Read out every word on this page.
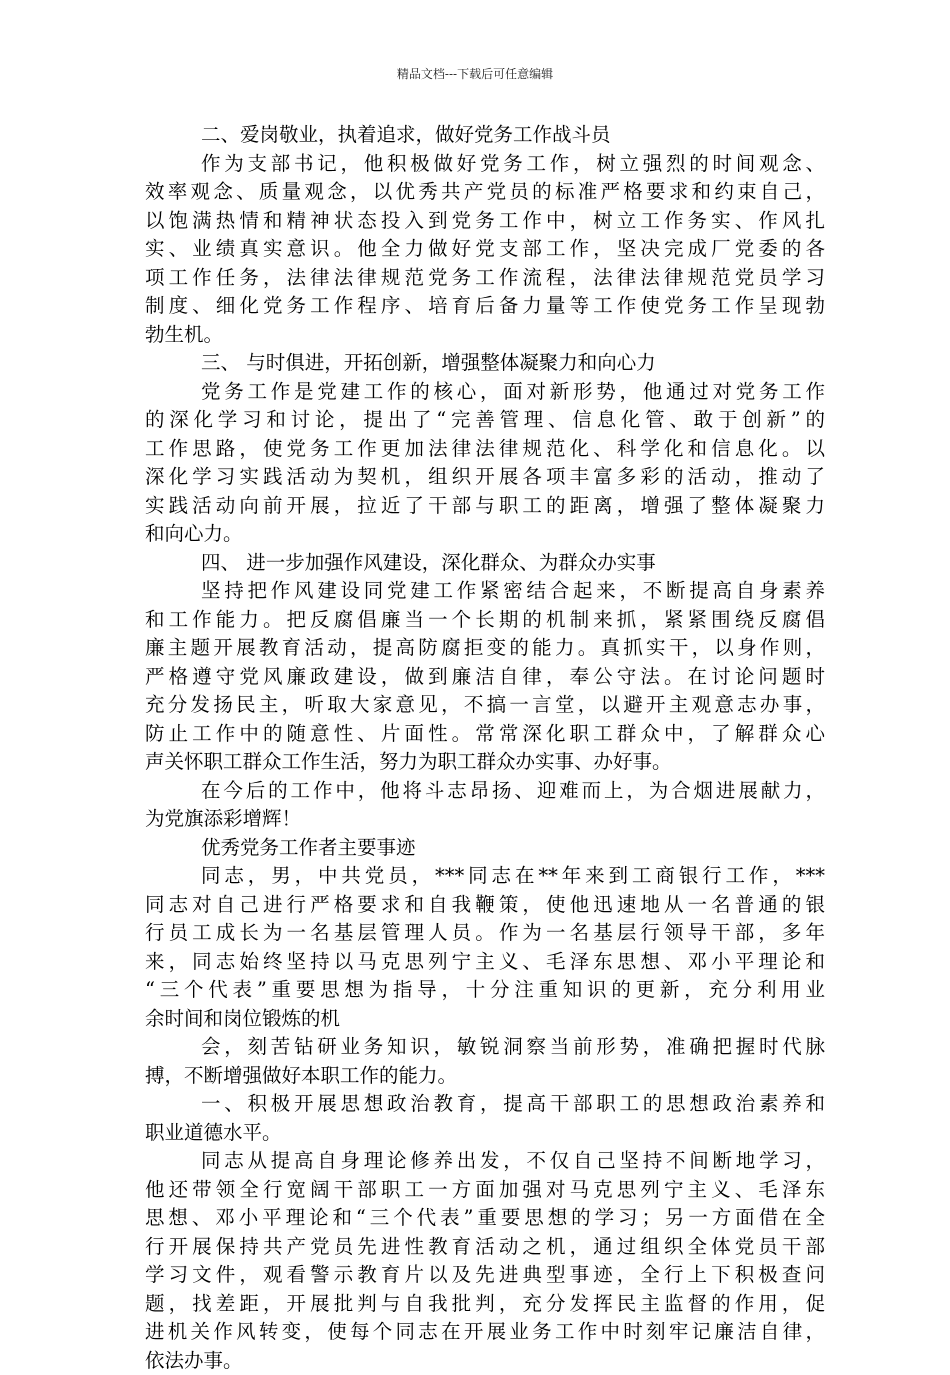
精品文档---下载后可任意编辑
二、爱岗敬业，执着追求，做好党务工作战斗员
作为支部书记，他积极做好党务工作，树立强烈的时间观念、
效率观念、质量观念，以优秀共产党员的标准严格要求和约束自己，
以饱满热情和精神状态投入到党务工作中，树立工作务实、作风扎
实、业绩真实意识。他全力做好党支部工作，坚决完成厂党委的各
项工作任务，法律法律规范党务工作流程，法律法律规范党员学习
制度、细化党务工作程序、培育后备力量等工作使党务工作呈现勃
勃生机。
三、 与时俱进，开拓创新，增强整体凝聚力和向心力
党务工作是党建工作的核心，面对新形势，他通过对党务工作
的深化学习和讨论，提出了“完善管理、信息化管、敢于创新”的
工作思路，使党务工作更加法律法律规范化、科学化和信息化。以
深化学习实践活动为契机，组织开展各项丰富多彩的活动，推动了
实践活动向前开展，拉近了干部与职工的距离，增强了整体凝聚力
和向心力。
四、 进一步加强作风建设，深化群众、为群众办实事
坚持把作风建设同党建工作紧密结合起来，不断提高自身素养
和工作能力。把反腐倡廉当一个长期的机制来抓，紧紧围绕反腐倡
廉主题开展教育活动，提高防腐拒变的能力。真抓实干，以身作则，
严格遵守党风廉政建设，做到廉洁自律，奉公守法。在讨论问题时
充分发扬民主，听取大家意见，不搞一言堂，以避开主观意志办事，
防止工作中的随意性、片面性。常常深化职工群众中，了解群众心
声关怀职工群众工作生活，努力为职工群众办实事、办好事。
在今后的工作中，他将斗志昂扬、迎难而上，为合烟进展献力，
为党旗添彩增辉！
优秀党务工作者主要事迹
同志，男，中共党员，***同志在**年来到工商银行工作，***
同志对自己进行严格要求和自我鞭策，使他迅速地从一名普通的银
行员工成长为一名基层管理人员。作为一名基层行领导干部，多年
来，同志始终坚持以马克思列宁主义、毛泽东思想、邓小平理论和
“三个代表”重要思想为指导，十分注重知识的更新，充分利用业
余时间和岗位锻炼的机
会，刻苦钻研业务知识，敏锐洞察当前形势，准确把握时代脉
搏，不断增强做好本职工作的能力。
一、积极开展思想政治教育，提高干部职工的思想政治素养和
职业道德水平。
同志从提高自身理论修养出发，不仅自己坚持不间断地学习，
他还带领全行宽阔干部职工一方面加强对马克思列宁主义、毛泽东
思想、邓小平理论和“三个代表”重要思想的学习；另一方面借在全
行开展保持共产党员先进性教育活动之机，通过组织全体党员干部
学习文件，观看警示教育片以及先进典型事迹，全行上下积极查问
题，找差距，开展批判与自我批判，充分发挥民主监督的作用，促
进机关作风转变，使每个同志在开展业务工作中时刻牢记廉洁自律，
依法办事。
